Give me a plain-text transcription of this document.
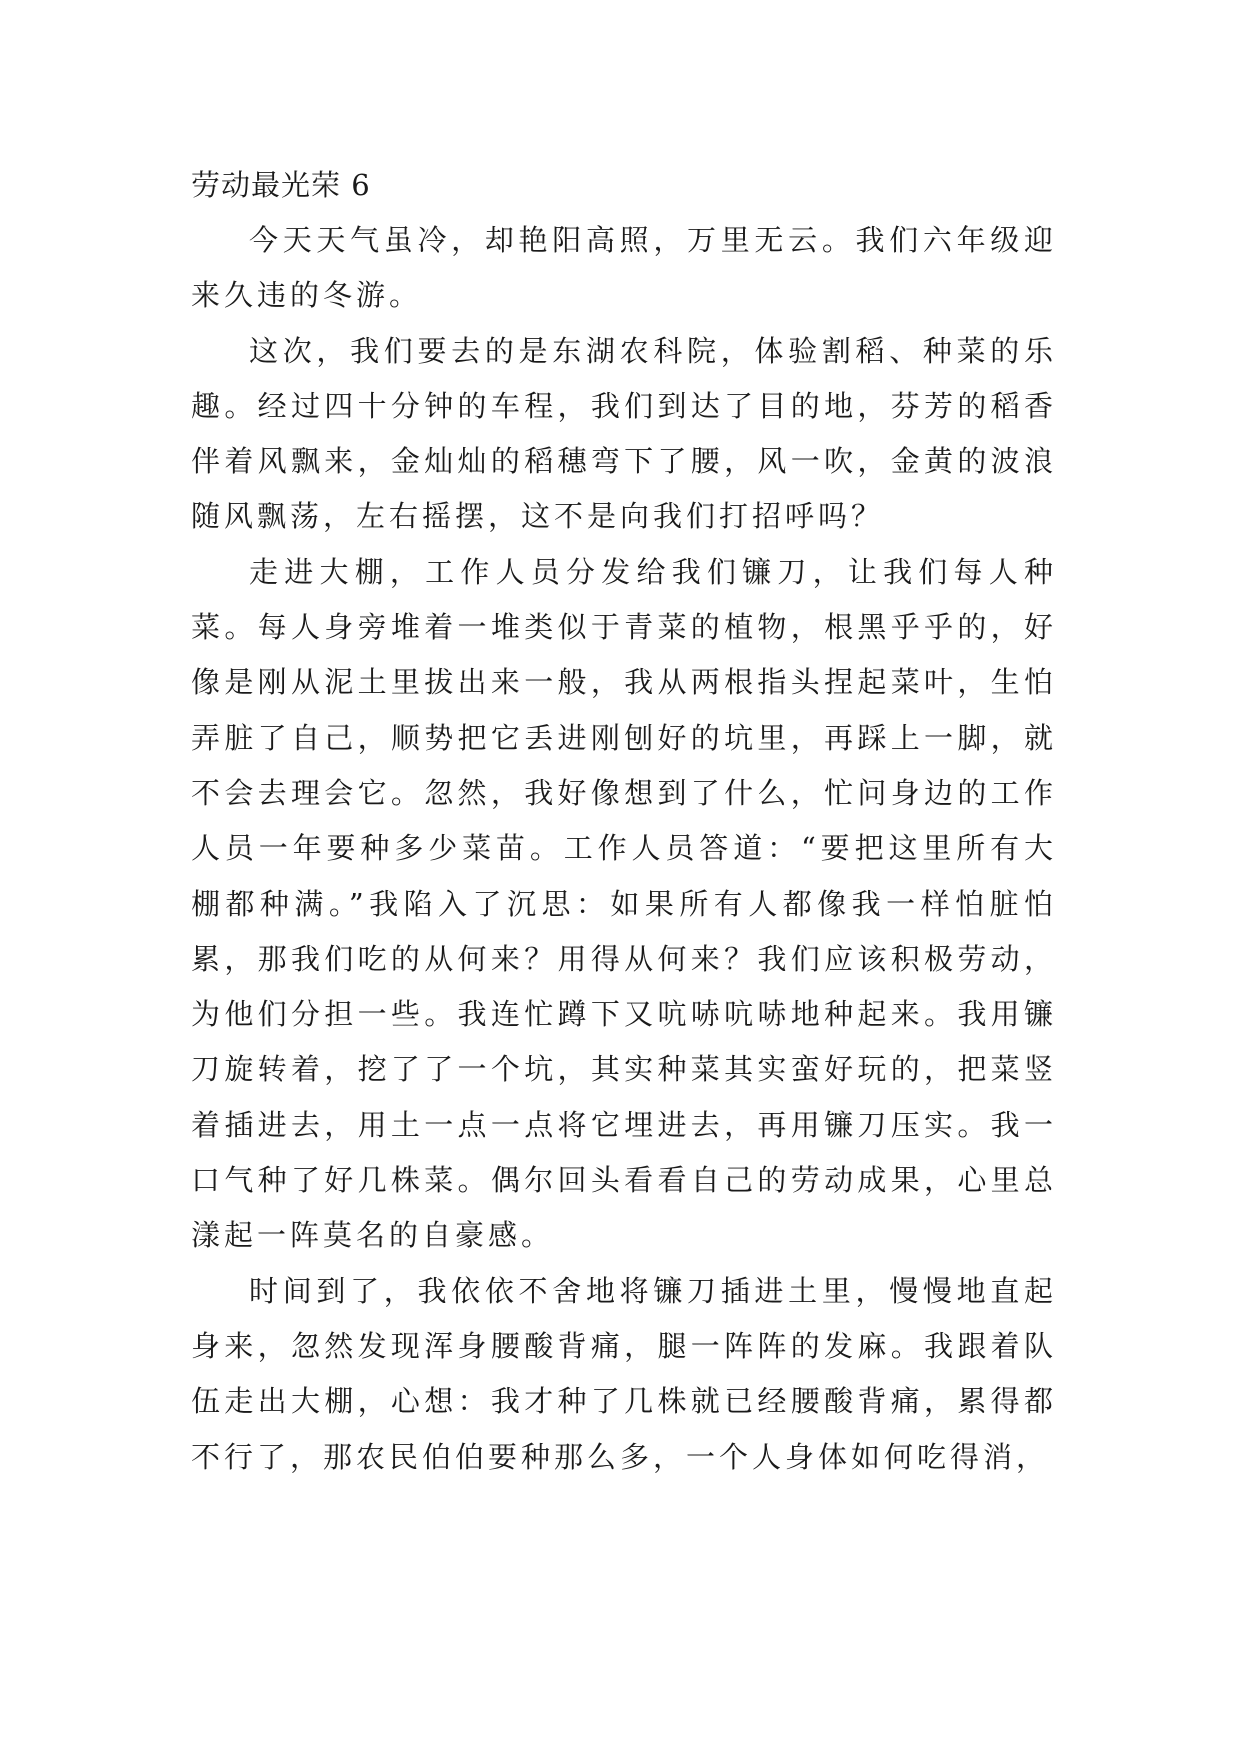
劳动最光荣 6

今天天气虽冷，却艳阳高照，万里无云。我们六年级迎来久违的冬游。

这次，我们要去的是东湖农科院，体验割稻、种菜的乐趣。经过四十分钟的车程，我们到达了目的地，芬芳的稻香伴着风飘来，金灿灿的稻穗弯下了腰，风一吹，金黄的波浪随风飘荡，左右摇摆，这不是向我们打招呼吗？

走进大棚，工作人员分发给我们镰刀，让我们每人种菜。每人身旁堆着一堆类似于青菜的植物，根黑乎乎的，好像是刚从泥土里拔出来一般，我从两根指头捏起菜叶，生怕弄脏了自己，顺势把它丢进刚刨好的坑里，再踩上一脚，就不会去理会它。忽然，我好像想到了什么，忙问身边的工作人员一年要种多少菜苗。工作人员答道：“要把这里所有大棚都种满。”我陷入了沉思：如果所有人都像我一样怕脏怕累，那我们吃的从何来？用得从何来？我们应该积极劳动，为他们分担一些。我连忙蹲下又吭哧吭哧地种起来。我用镰刀旋转着，挖了了一个坑，其实种菜其实蛮好玩的，把菜竖着插进去，用土一点一点将它埋进去，再用镰刀压实。我一口气种了好几株菜。偶尔回头看看自己的劳动成果，心里总漾起一阵莫名的自豪感。

时间到了，我依依不舍地将镰刀插进土里，慢慢地直起身来，忽然发现浑身腰酸背痛，腿一阵阵的发麻。我跟着队伍走出大棚，心想：我才种了几株就已经腰酸背痛，累得都不行了，那农民伯伯要种那么多，一个人身体如何吃得消，
